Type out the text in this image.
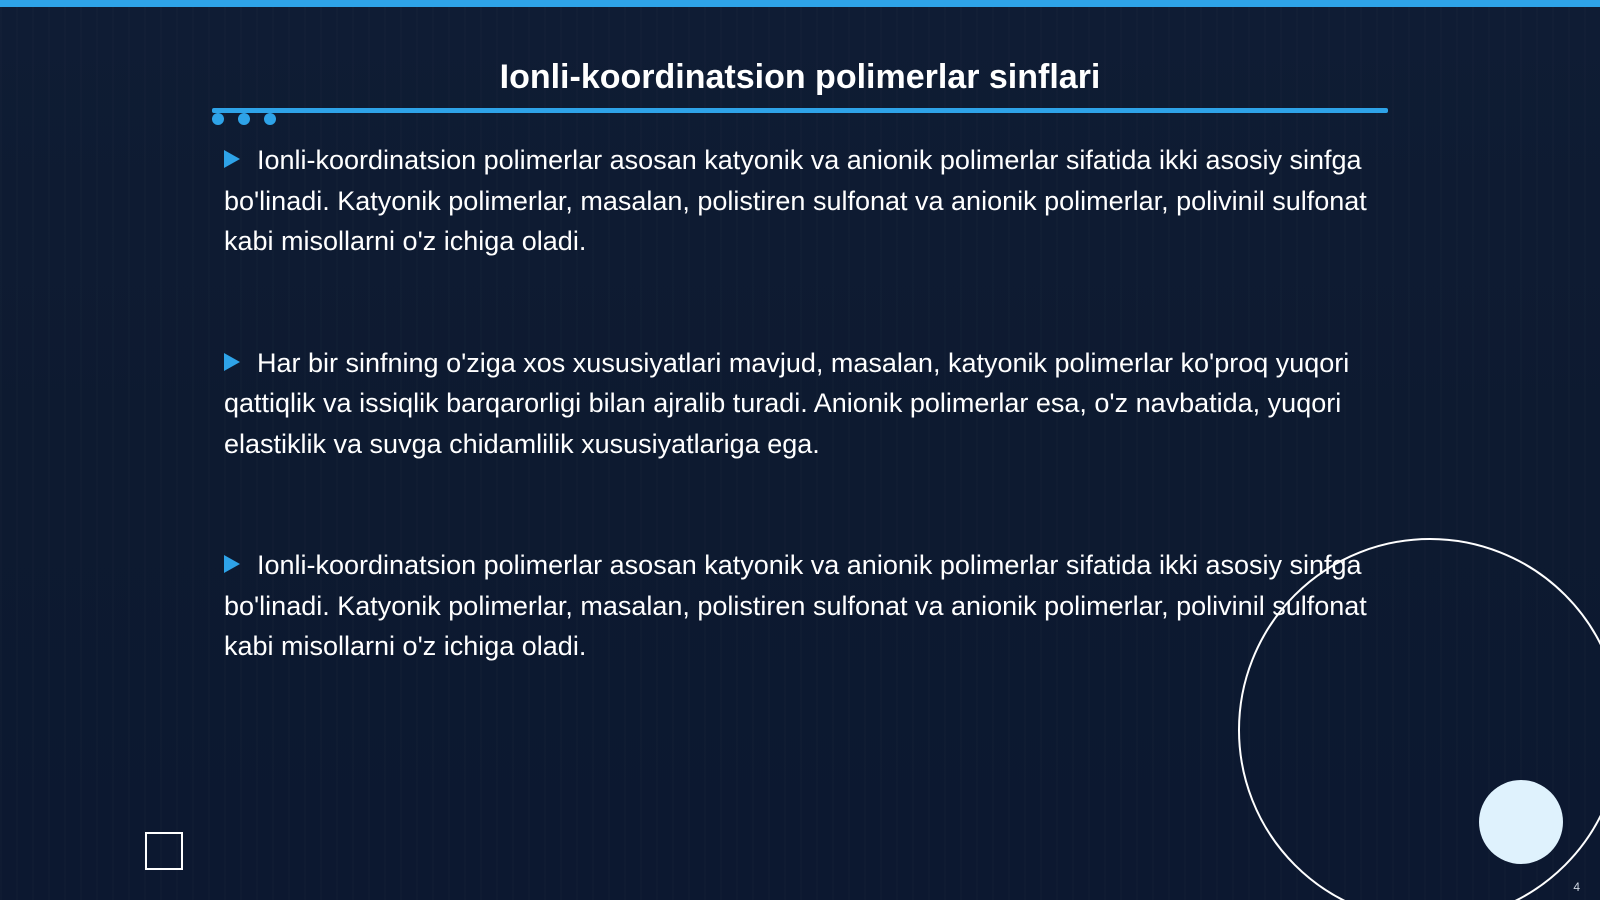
Ionli-koordinatsion polimerlar sinflari

Ionli-koordinatsion polimerlar asosan katyonik va anionik polimerlar sifatida ikki asosiy sinfga bo'linadi. Katyonik polimerlar, masalan, polistiren sulfonat va anionik polimerlar, polivinil sulfonat kabi misollarni o'z ichiga oladi.

Har bir sinfning o'ziga xos xususiyatlari mavjud, masalan, katyonik polimerlar ko'proq yuqori qattiqlik va issiqlik barqarorligi bilan ajralib turadi. Anionik polimerlar esa, o'z navbatida, yuqori elastiklik va suvga chidamlilik xususiyatlariga ega.

Ionli-koordinatsion polimerlar asosan katyonik va anionik polimerlar sifatida ikki asosiy sinfga bo'linadi. Katyonik polimerlar, masalan, polistiren sulfonat va anionik polimerlar, polivinil sulfonat kabi misollarni o'z ichiga oladi.

4
